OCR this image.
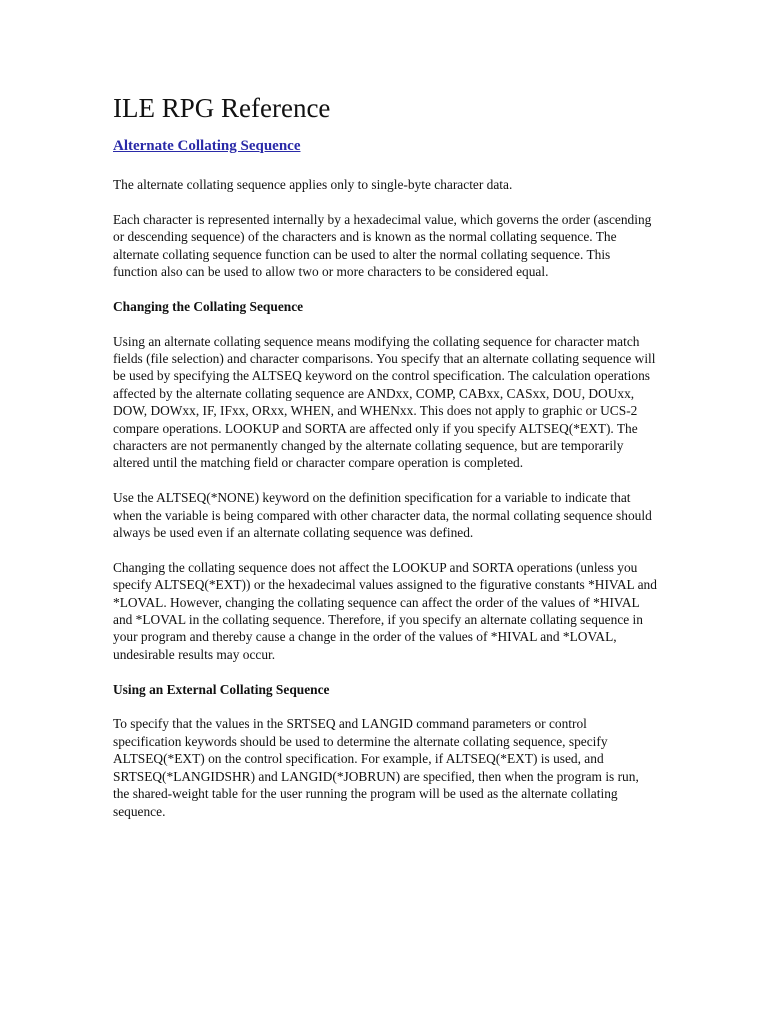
ILE RPG Reference
Alternate Collating Sequence

The alternate collating sequence applies only to single-byte character data.

Each character is represented internally by a hexadecimal value, which governs the order (ascending or descending sequence) of the characters and is known as the normal collating sequence. The alternate collating sequence function can be used to alter the normal collating sequence. This function also can be used to allow two or more characters to be considered equal.

Changing the Collating Sequence

Using an alternate collating sequence means modifying the collating sequence for character match fields (file selection) and character comparisons. You specify that an alternate collating sequence will be used by specifying the ALTSEQ keyword on the control specification. The calculation operations affected by the alternate collating sequence are ANDxx, COMP, CABxx, CASxx, DOU, DOUxx, DOW, DOWxx, IF, IFxx, ORxx, WHEN, and WHENxx. This does not apply to graphic or UCS-2 compare operations. LOOKUP and SORTA are affected only if you specify ALTSEQ(*EXT). The characters are not permanently changed by the alternate collating sequence, but are temporarily altered until the matching field or character compare operation is completed.

Use the ALTSEQ(*NONE) keyword on the definition specification for a variable to indicate that when the variable is being compared with other character data, the normal collating sequence should always be used even if an alternate collating sequence was defined.

Changing the collating sequence does not affect the LOOKUP and SORTA operations (unless you specify ALTSEQ(*EXT)) or the hexadecimal values assigned to the figurative constants *HIVAL and *LOVAL. However, changing the collating sequence can affect the order of the values of *HIVAL and *LOVAL in the collating sequence. Therefore, if you specify an alternate collating sequence in your program and thereby cause a change in the order of the values of *HIVAL and *LOVAL, undesirable results may occur.

Using an External Collating Sequence

To specify that the values in the SRTSEQ and LANGID command parameters or control specification keywords should be used to determine the alternate collating sequence, specify ALTSEQ(*EXT) on the control specification. For example, if ALTSEQ(*EXT) is used, and SRTSEQ(*LANGIDSHR) and LANGID(*JOBRUN) are specified, then when the program is run, the shared-weight table for the user running the program will be used as the alternate collating sequence.
